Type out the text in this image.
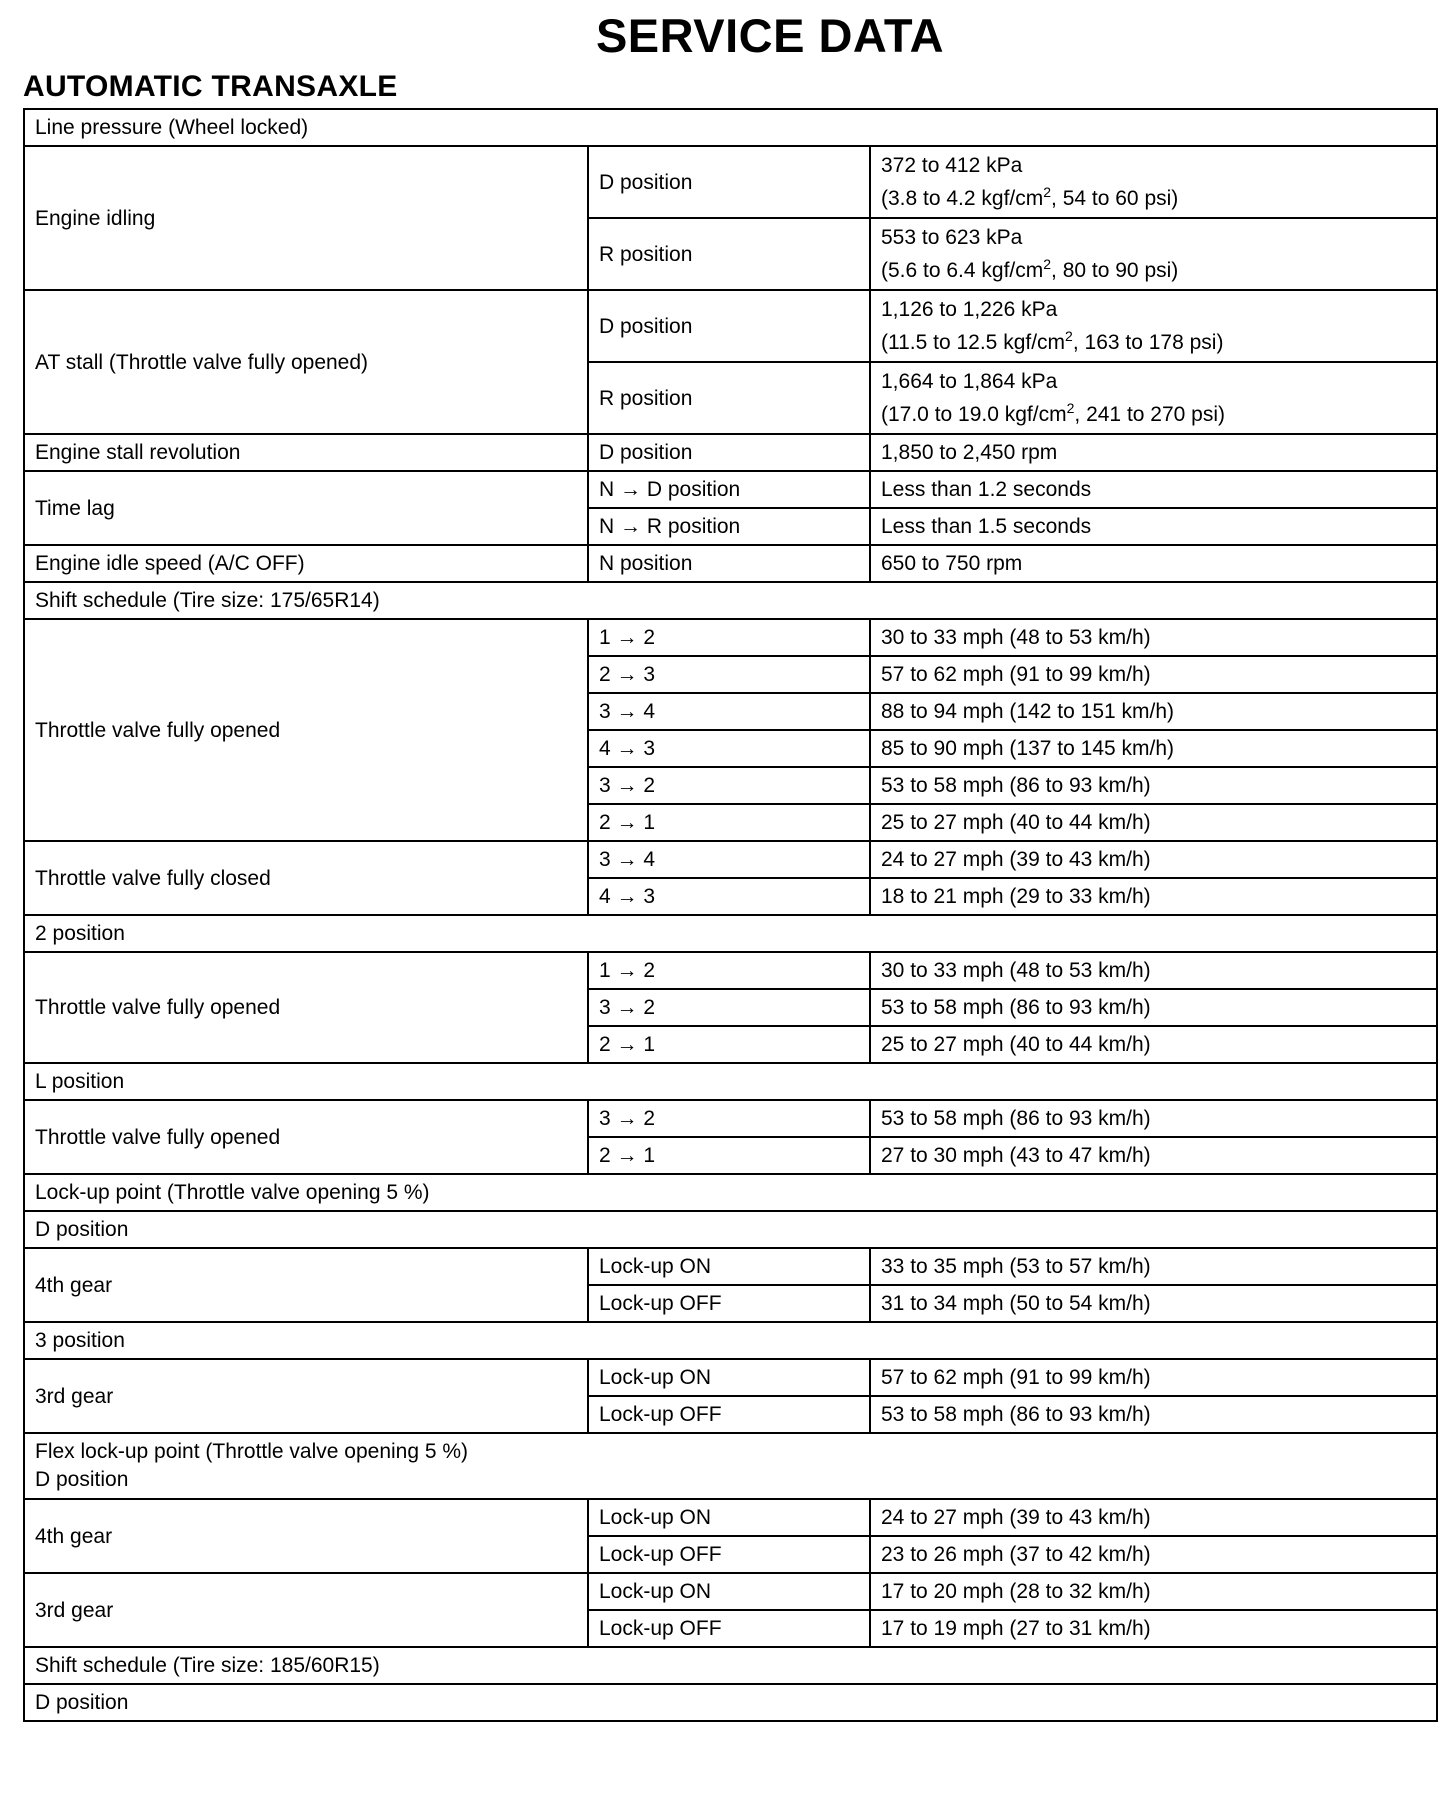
SERVICE DATA
AUTOMATIC TRANSAXLE
Line pressure (Wheel locked)		
Engine idling	D position	372 to 412 kPa
(3.8 to 4.2 kgf/$cm^2$, 54 to 60 psi)
	R position	553 to 623 kPa
(5.6 to 6.4 kgf/$cm^2$, 80 to 90 psi)
AT stall (Throttle valve fully opened)	D position	1,126 to 1,226 kPa
(11.5 to 12.5 kgf/$cm^2$, 163 to 178 psi)
	R position	1,664 to 1,864 kPa
(17.0 to 19.0 kgf/$cm^2$, 241 to 270 psi)
Engine stall revolution	D position	1,850 to 2,450 rpm
Time lag	N → D position	Less than 1.2 seconds
	N → R position	Less than 1.5 seconds
Engine idle speed (A/C OFF)	N position	650 to 750 rpm
Shift schedule (Tire size: 175/65R14)		
Throttle valve fully opened	1 → 2	30 to 33 mph (48 to 53 km/h)
	2 → 3	57 to 62 mph (91 to 99 km/h)
	3 → 4	88 to 94 mph (142 to 151 km/h)
	4 → 3	85 to 90 mph (137 to 145 km/h)
	3 → 2	53 to 58 mph (86 to 93 km/h)
	2 → 1	25 to 27 mph (40 to 44 km/h)
Throttle valve fully closed	3 → 4	24 to 27 mph (39 to 43 km/h)
	4 → 3	18 to 21 mph (29 to 33 km/h)
2 position		
Throttle valve fully opened	1 → 2	30 to 33 mph (48 to 53 km/h)
	3 → 2	53 to 58 mph (86 to 93 km/h)
	2 → 1	25 to 27 mph (40 to 44 km/h)
L position		
Throttle valve fully opened	3 → 2	53 to 58 mph (86 to 93 km/h)
	2 → 1	27 to 30 mph (43 to 47 km/h)
Lock-up point (Throttle valve opening 5 %)		
D position		
4th gear	Lock-up ON	33 to 35 mph (53 to 57 km/h)
	Lock-up OFF	31 to 34 mph (50 to 54 km/h)
3 position		
3rd gear	Lock-up ON	57 to 62 mph (91 to 99 km/h)
	Lock-up OFF	53 to 58 mph (86 to 93 km/h)
Flex lock-up point (Throttle valve opening 5 %)
D position		
4th gear	Lock-up ON	24 to 27 mph (39 to 43 km/h)
	Lock-up OFF	23 to 26 mph (37 to 42 km/h)
3rd gear	Lock-up ON	17 to 20 mph (28 to 32 km/h)
	Lock-up OFF	17 to 19 mph (27 to 31 km/h)
Shift schedule (Tire size: 185/60R15)		
D position		
